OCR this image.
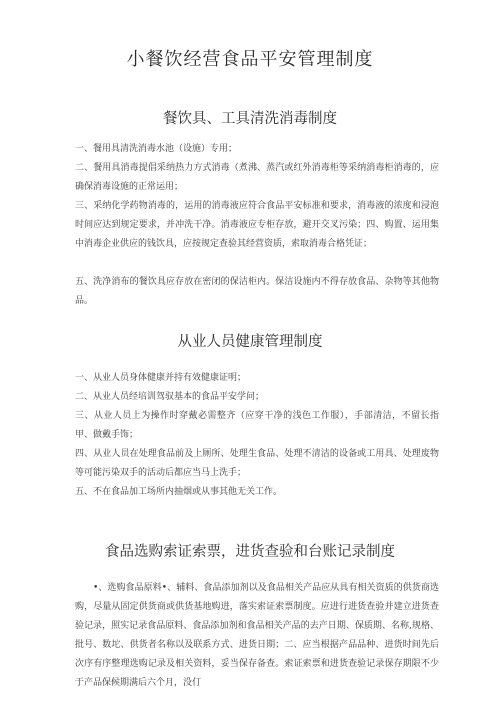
小餐饮经营食品平安管理制度
餐饮具、工具清洗消毒制度

一、餐用具清洗消毒水池（设施）专用；

二、餐用具消毒提倡采纳热力方式消毒（煮沸、蒸汽或红外消毒柜等采纳消毒柜消毒的，应确保消毒设施的正常运用；

三、采纳化学药物消毒的，运用的消毒液应符合食品平安标准和要求，消毒液的浓度和浸泡时间应达到规定要求，并冲洗干净。消毒液应专柜存放，避开交叉污染；四、购置、运用集中消毒企业供应的钱饮具，应按规定查验其经营资质，索取消毒合格凭证；

五、洗净消布的餐饮具应存放在密闭的保洁柜内。保洁设施内不得存放食品、杂物等其他物品。

从业人员健康管理制度

一、从业人员身体健康并持有效健康证明；

二、从业人员经培训驾驭基本的食品平安学问；

三、从业人员上为操作时穿戴必需整齐（应穿干净的浅色工作服），手部清洁，不留长指甲、做戴手饰；

四、从业人员在处理食品前及上厕所、处理生食品、处理不清洁的设备或工用具、处理废物等可能污染双手的活动后都应当马上洗手；

五、不在食品加工场所内抽烟或从事其他无关工作。

食品选购索证索票，进货查验和台账记录制度

•、选购食品原料•、辅料、食品添加剂以及食品相关产品应从具有相关资质的供货商选购，尽量从固定供货商或供货基地购进，落实索证索票制度。应进行进货查验并建立进货查验记录，照实记录食品原料、食品添加剂和食品相关产品的去产日期、保质期、名称,规格、批号、数坨、供货者名称以及联系方式、进货日期；二、应当根据产品品种、进货时间先后次序有序整理选购记录及相关资料，妥当保存备查。索证索票和进货查验记录保存期限不少于产品保候期满后六个月，没仃
